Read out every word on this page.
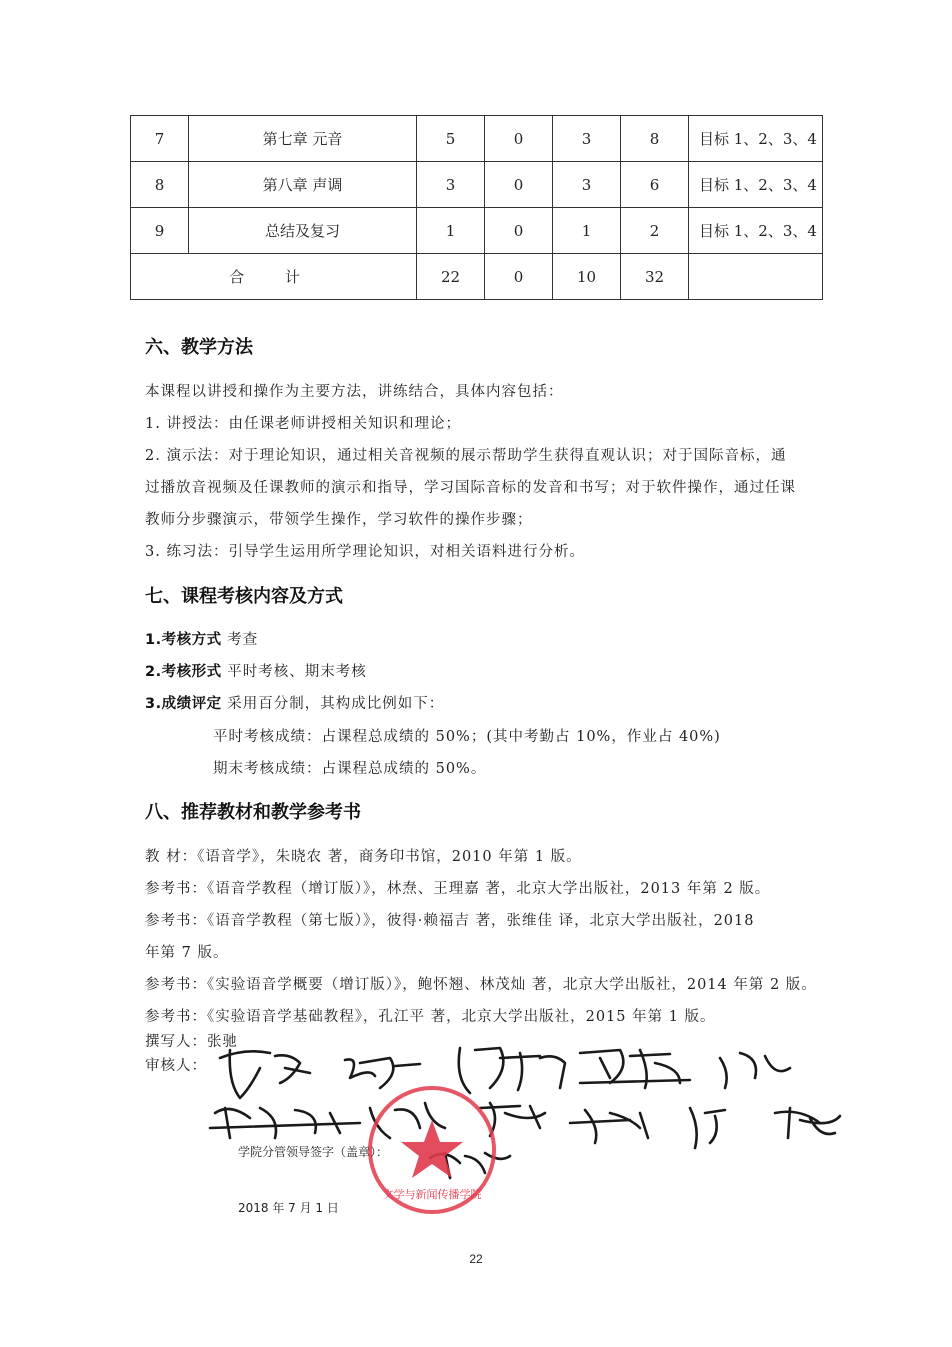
7	第七章 元音	5	0	3	8	目标 1、2、3、4
8	第八章 声调	3	0	3	6	目标 1、2、3、4
9	总结及复习	1	0	1	2	目标 1、2、3、4
合 计		22	0	10	32	
六、教学方法

本课程以讲授和操作为主要方法，讲练结合，具体内容包括：

1. 讲授法：由任课老师讲授相关知识和理论；

2. 演示法：对于理论知识，通过相关音视频的展示帮助学生获得直观认识；对于国际音标，通

过播放音视频及任课教师的演示和指导，学习国际音标的发音和书写；对于软件操作，通过任课

教师分步骤演示，带领学生操作，学习软件的操作步骤；

3. 练习法：引导学生运用所学理论知识，对相关语料进行分析。

七、课程考核内容及方式

1.考核方式 考查

2.考核形式 平时考核、期末考核

3.成绩评定 采用百分制，其构成比例如下：

平时考核成绩：占课程总成绩的 50%；(其中考勤占 10%，作业占 40%)

期末考核成绩：占课程总成绩的 50%。

八、推荐教材和教学参考书

教 材：《语音学》，朱晓农 著，商务印书馆，2010 年第 1 版。

参考书：《语音学教程（增订版）》，林焘、王理嘉 著，北京大学出版社，2013 年第 2 版。

参考书：《语音学教程（第七版）》，彼得·赖福吉 著，张维佳 译，北京大学出版社，2018

年第 7 版。

参考书：《实验语音学概要（增订版）》，鲍怀翘、林茂灿 著，北京大学出版社，2014 年第 2 版。

参考书：《实验语音学基础教程》，孔江平 著，北京大学出版社，2015 年第 1 版。

撰写人：张驰

审核人：

文学与新闻传播学院
学院分管领导签字（盖章）：
2018 年 7 月 1 日
22
